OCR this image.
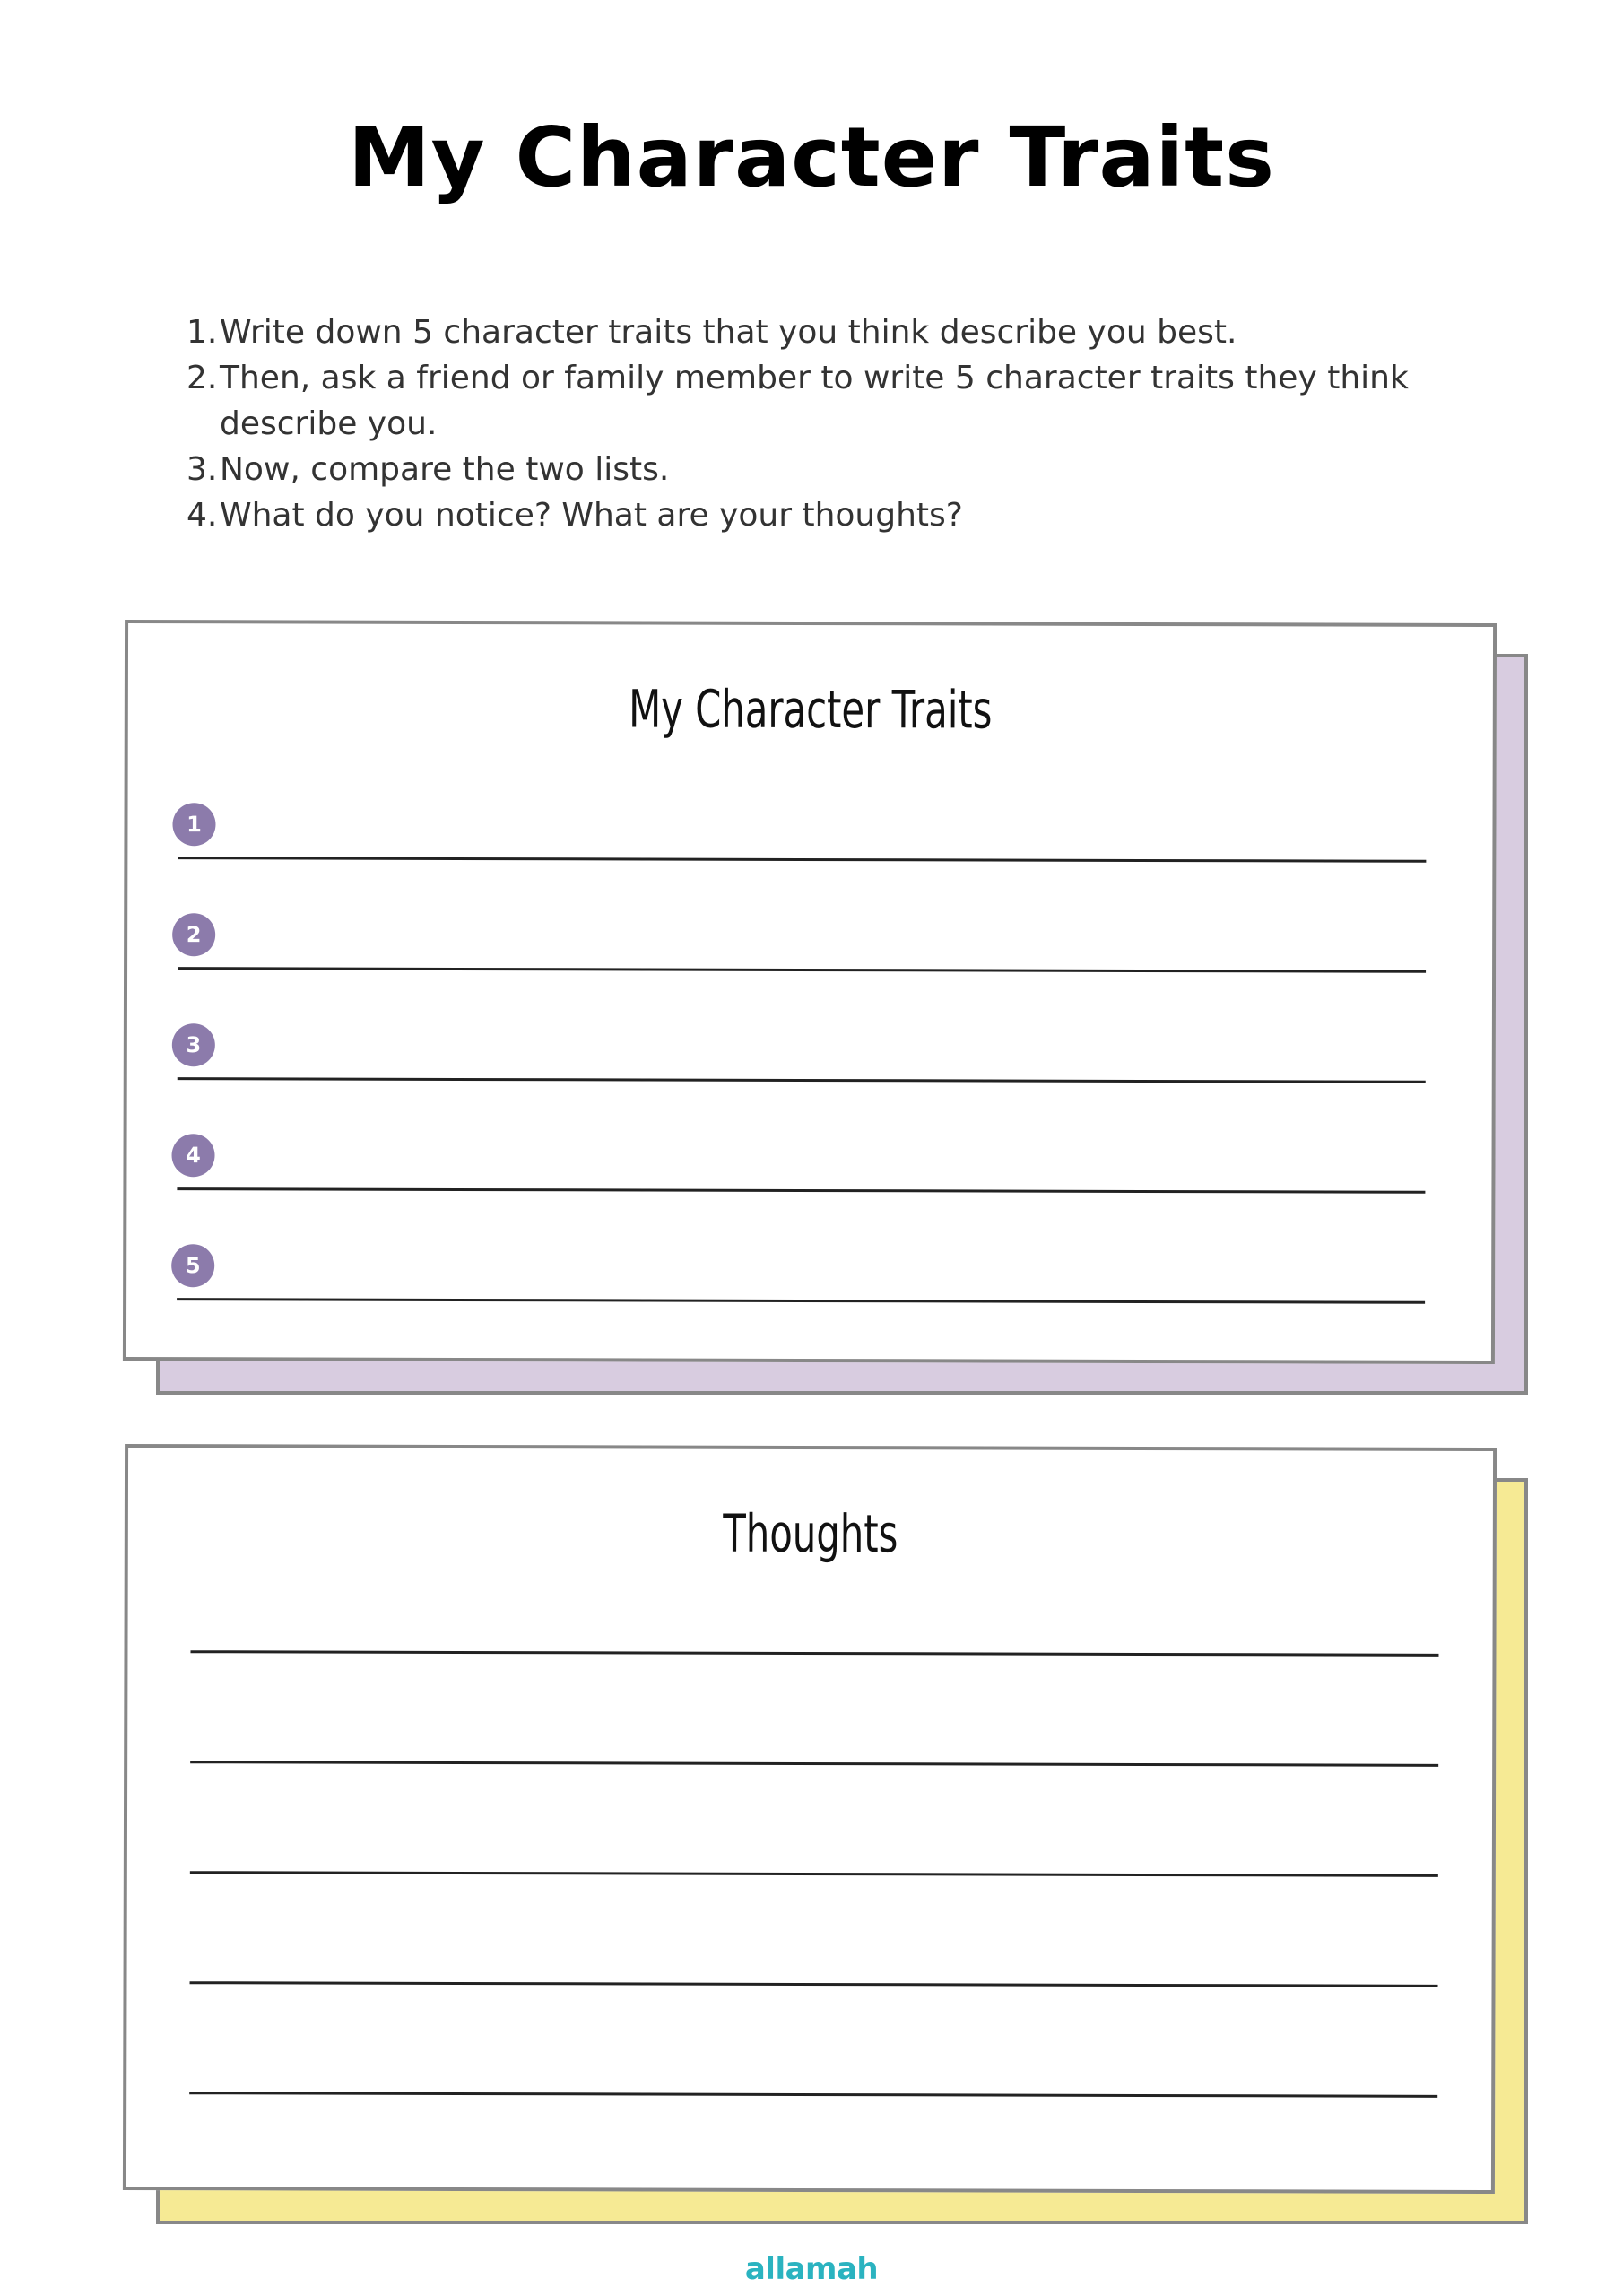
My Character Traits
1. Write down 5 character traits that you think describe you best.
2. Then, ask a friend or family member to write 5 character traits they think describe you.
3. Now, compare the two lists.
4. What do you notice? What are your thoughts?
My Character Traits
1
2
3
4
5
Thoughts
allamah
